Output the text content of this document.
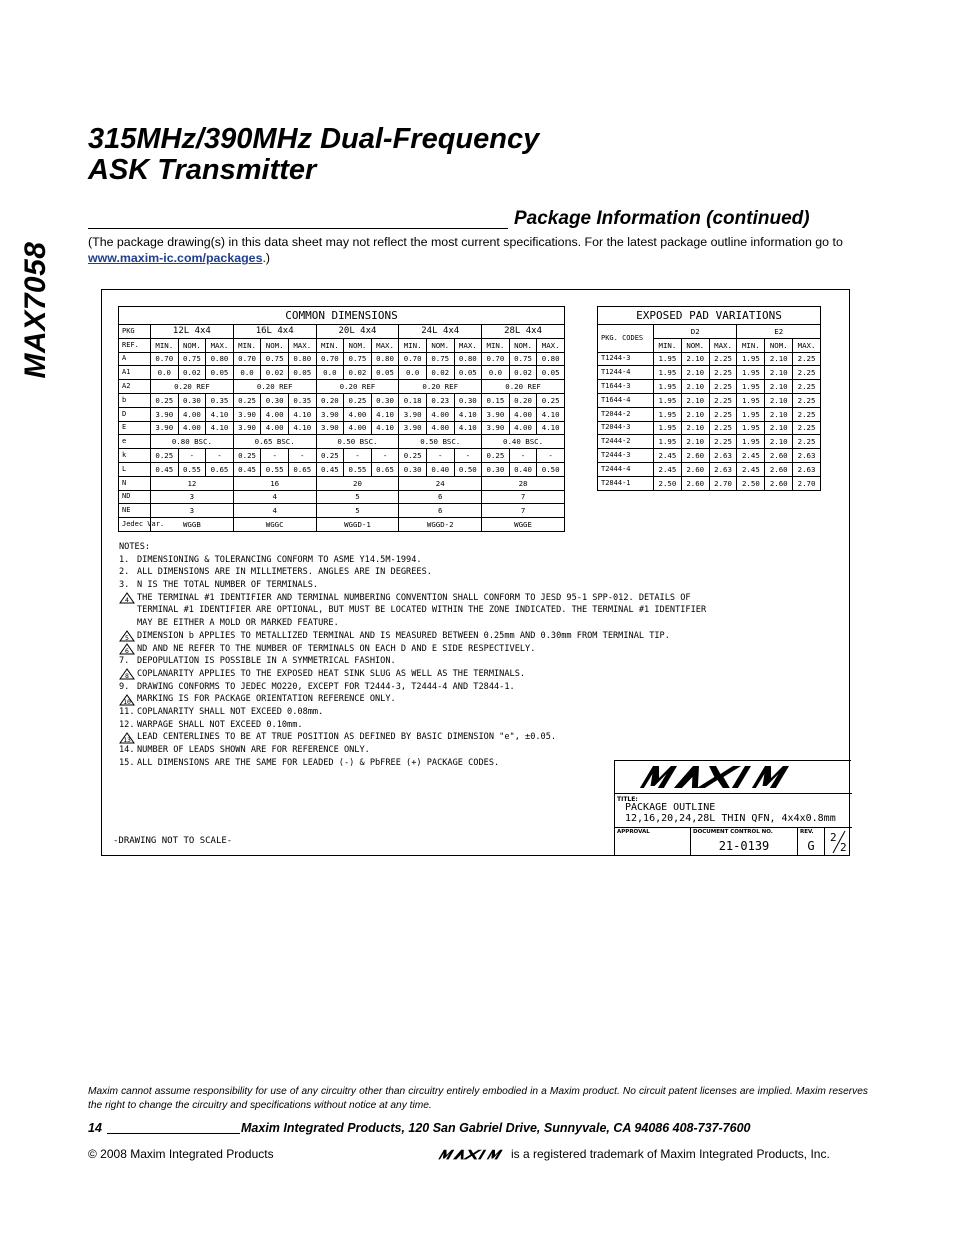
MAX7058
315MHz/390MHz Dual-Frequency
ASK Transmitter
Package Information (continued)
(The package drawing(s) in this data sheet may not reflect the most current specifications. For the latest package outline information go to www.maxim-ic.com/packages.)
COMMON DIMENSIONS															
PKG	12L 4x4			16L 4x4			20L 4x4			24L 4x4			28L 4x4		
REF.	MIN.	NOM.	MAX.	MIN.	NOM.	MAX.	MIN.	NOM.	MAX.	MIN.	NOM.	MAX.	MIN.	NOM.	MAX.
A	0.70	0.75	0.80	0.70	0.75	0.80	0.70	0.75	0.80	0.70	0.75	0.80	0.70	0.75	0.80
A1	0.0	0.02	0.05	0.0	0.02	0.05	0.0	0.02	0.05	0.0	0.02	0.05	0.0	0.02	0.05
A2	0.20 REF			0.20 REF			0.20 REF			0.20 REF			0.20 REF		
b	0.25	0.30	0.35	0.25	0.30	0.35	0.20	0.25	0.30	0.18	0.23	0.30	0.15	0.20	0.25
D	3.90	4.00	4.10	3.90	4.00	4.10	3.90	4.00	4.10	3.90	4.00	4.10	3.90	4.00	4.10
E	3.90	4.00	4.10	3.90	4.00	4.10	3.90	4.00	4.10	3.90	4.00	4.10	3.90	4.00	4.10
e	0.80 BSC.			0.65 BSC.			0.50 BSC.			0.50 BSC.			0.40 BSC.		
k	0.25	-	-	0.25	-	-	0.25	-	-	0.25	-	-	0.25	-	-
L	0.45	0.55	0.65	0.45	0.55	0.65	0.45	0.55	0.65	0.30	0.40	0.50	0.30	0.40	0.50
N	12			16			20			24			28		
ND	3			4			5			6			7		
NE	3			4			5			6			7		
Jedec Var.	WGGB			WGGC			WGGD-1			WGGD-2			WGGE		
EXPOSED PAD VARIATIONS						
PKG. CODES	D2			E2		
	MIN.	NOM.	MAX.	MIN.	NOM.	MAX.
T1244-3	1.95	2.10	2.25	1.95	2.10	2.25
T1244-4	1.95	2.10	2.25	1.95	2.10	2.25
T1644-3	1.95	2.10	2.25	1.95	2.10	2.25
T1644-4	1.95	2.10	2.25	1.95	2.10	2.25
T2044-2	1.95	2.10	2.25	1.95	2.10	2.25
T2044-3	1.95	2.10	2.25	1.95	2.10	2.25
T2444-2	1.95	2.10	2.25	1.95	2.10	2.25
T2444-3	2.45	2.60	2.63	2.45	2.60	2.63
T2444-4	2.45	2.60	2.63	2.45	2.60	2.63
T2844-1	2.50	2.60	2.70	2.50	2.60	2.70
NOTES:
1. DIMENSIONING & TOLERANCING CONFORM TO ASME Y14.5M-1994.
2. ALL DIMENSIONS ARE IN MILLIMETERS. ANGLES ARE IN DEGREES.
3. N IS THE TOTAL NUMBER OF TERMINALS.
4 THE TERMINAL #1 IDENTIFIER AND TERMINAL NUMBERING CONVENTION SHALL CONFORM TO JESD 95-1 SPP-012. DETAILS OF
TERMINAL #1 IDENTIFIER ARE OPTIONAL, BUT MUST BE LOCATED WITHIN THE ZONE INDICATED. THE TERMINAL #1 IDENTIFIER
MAY BE EITHER A MOLD OR MARKED FEATURE.
5 DIMENSION b APPLIES TO METALLIZED TERMINAL AND IS MEASURED BETWEEN 0.25mm AND 0.30mm FROM TERMINAL TIP.
6 ND AND NE REFER TO THE NUMBER OF TERMINALS ON EACH D AND E SIDE RESPECTIVELY.
7. DEPOPULATION IS POSSIBLE IN A SYMMETRICAL FASHION.
8 COPLANARITY APPLIES TO THE EXPOSED HEAT SINK SLUG AS WELL AS THE TERMINALS.
9. DRAWING CONFORMS TO JEDEC MO220, EXCEPT FOR T2444-3, T2444-4 AND T2844-1.
10 MARKING IS FOR PACKAGE ORIENTATION REFERENCE ONLY.
11. COPLANARITY SHALL NOT EXCEED 0.08mm.
12. WARPAGE SHALL NOT EXCEED 0.10mm.
13 LEAD CENTERLINES TO BE AT TRUE POSITION AS DEFINED BY BASIC DIMENSION "e", ±0.05.
14. NUMBER OF LEADS SHOWN ARE FOR REFERENCE ONLY.
15. ALL DIMENSIONS ARE THE SAME FOR LEADED (-) & PbFREE (+) PACKAGE CODES.
-DRAWING NOT TO SCALE-
TITLE:
PACKAGE OUTLINE
12,16,20,24,28L THIN QFN, 4x4x0.8mm
APPROVAL	DOCUMENT CONTROL NO.
21-0139
REV.
G
2
2
Maxim cannot assume responsibility for use of any circuitry other than circuitry entirely embodied in a Maxim product. No circuit patent licenses are implied. Maxim reserves the right to change the circuitry and specifications without notice at any time.
14	Maxim Integrated Products, 120 San Gabriel Drive, Sunnyvale, CA 94086 408-737-7600
© 2008 Maxim Integrated Products	is a registered trademark of Maxim Integrated Products, Inc.
